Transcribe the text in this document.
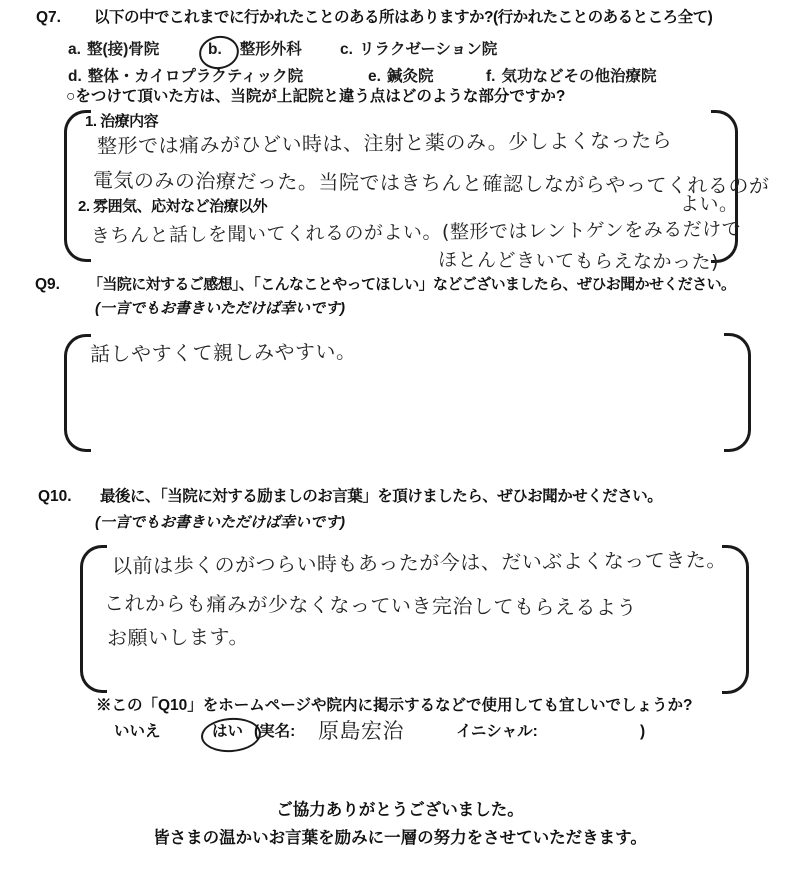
Q7. 以下の中でこれまでに行かれたことのある所はありますか?(行かれたことのあるところ全て)
a. 整(接)骨院	b. 整形外科 c. リラクゼーション院
d. 整体・カイロプラクティック院	e. 鍼灸院	f. 気功などその他治療院
○をつけて頂いた方は、当院が上記院と違う点はどのような部分ですか?
1. 治療内容
整形では痛みがひどい時は、注射と薬のみ。少しよくなったら
電気のみの治療だった。当院ではきちんと確認しながらやってくれるのが
よい。
2. 雰囲気、応対など治療以外
きちんと話しを聞いてくれるのがよい。(整形ではレントゲンをみるだけで
ほとんどきいてもらえなかった)
Q9. 「当院に対するご感想」、「こんなことやってほしい」などございましたら、ぜひお聞かせください。
(一言でもお書きいただけば幸いです)
話しやすくて親しみやすい。
Q10. 最後に、「当院に対する励ましのお言葉」を頂けましたら、ぜひお聞かせください。
(一言でもお書きいただけば幸いです)
以前は歩くのがつらい時もあったが今は、だいぶよくなってきた。
これからも痛みが少なくなっていき完治してもらえるよう
お願いします。
※この「Q10」をホームページや院内に掲示するなどで使用しても宜しいでしょうか?
いいえ	はい (実名: 原島宏治	イニシャル:	)
ご協力ありがとうございました。
皆さまの温かいお言葉を励みに一層の努力をさせていただきます。
